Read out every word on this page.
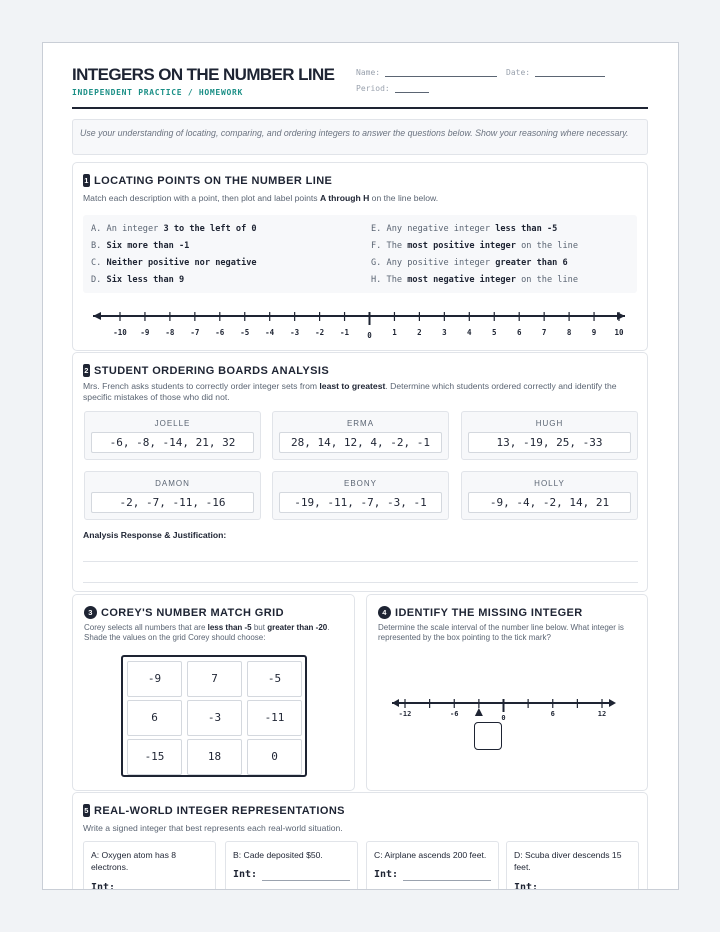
INTEGERS ON THE NUMBER LINE
INDEPENDENT PRACTICE / HOMEWORK
Name:	Date:
Period:
Use your understanding of locating, comparing, and ordering integers to answer the questions below. Show your reasoning where necessary.
1 LOCATING POINTS ON THE NUMBER LINE
Match each description with a point, then plot and label points A through H on the line below.
A. An integer 3 to the left of 0
B. Six more than -1
C. Neither positive nor negative
D. Six less than 9
E. Any negative integer less than -5
F. The most positive integer on the line
G. Any positive integer greater than 6
H. The most negative integer on the line
-10 -9 -8 -7 -6 -5 -4 -3 -2 -1 0	1	2	3	4	5	6	7	8	9 10
2 STUDENT ORDERING BOARDS ANALYSIS
Mrs. French asks students to correctly order integer sets from least to greatest. Determine which students ordered correctly and identify the specific mistakes of those who did not.
JOELLE
-6, -8, -14, 21, 32
ERMA
28, 14, 12, 4, -2, -1
HUGH
13, -19, 25, -33
DAMON
-2, -7, -11, -16
EBONY
-19, -11, -7, -3, -1
HOLLY
-9, -4, -2, 14, 21
Analysis Response & Justification:
3 COREY'S NUMBER MATCH GRID
Corey selects all numbers that are less than -5 but greater than -20. Shade the values on the grid Corey should choose:
-9	7	-5
6	-3	-11
-15	18	0
4 IDENTIFY THE MISSING INTEGER
Determine the scale interval of the number line below. What integer is represented by the box pointing to the tick mark?
-12	-6	0	6	12
5 REAL-WORLD INTEGER REPRESENTATIONS
Write a signed integer that best represents each real-world situation.
A: Oxygen atom has 8 electrons.
Int:
B: Cade deposited $50.
Int:
C: Airplane ascends 200 feet.
Int:
D: Scuba diver descends 15 feet.
Int:
